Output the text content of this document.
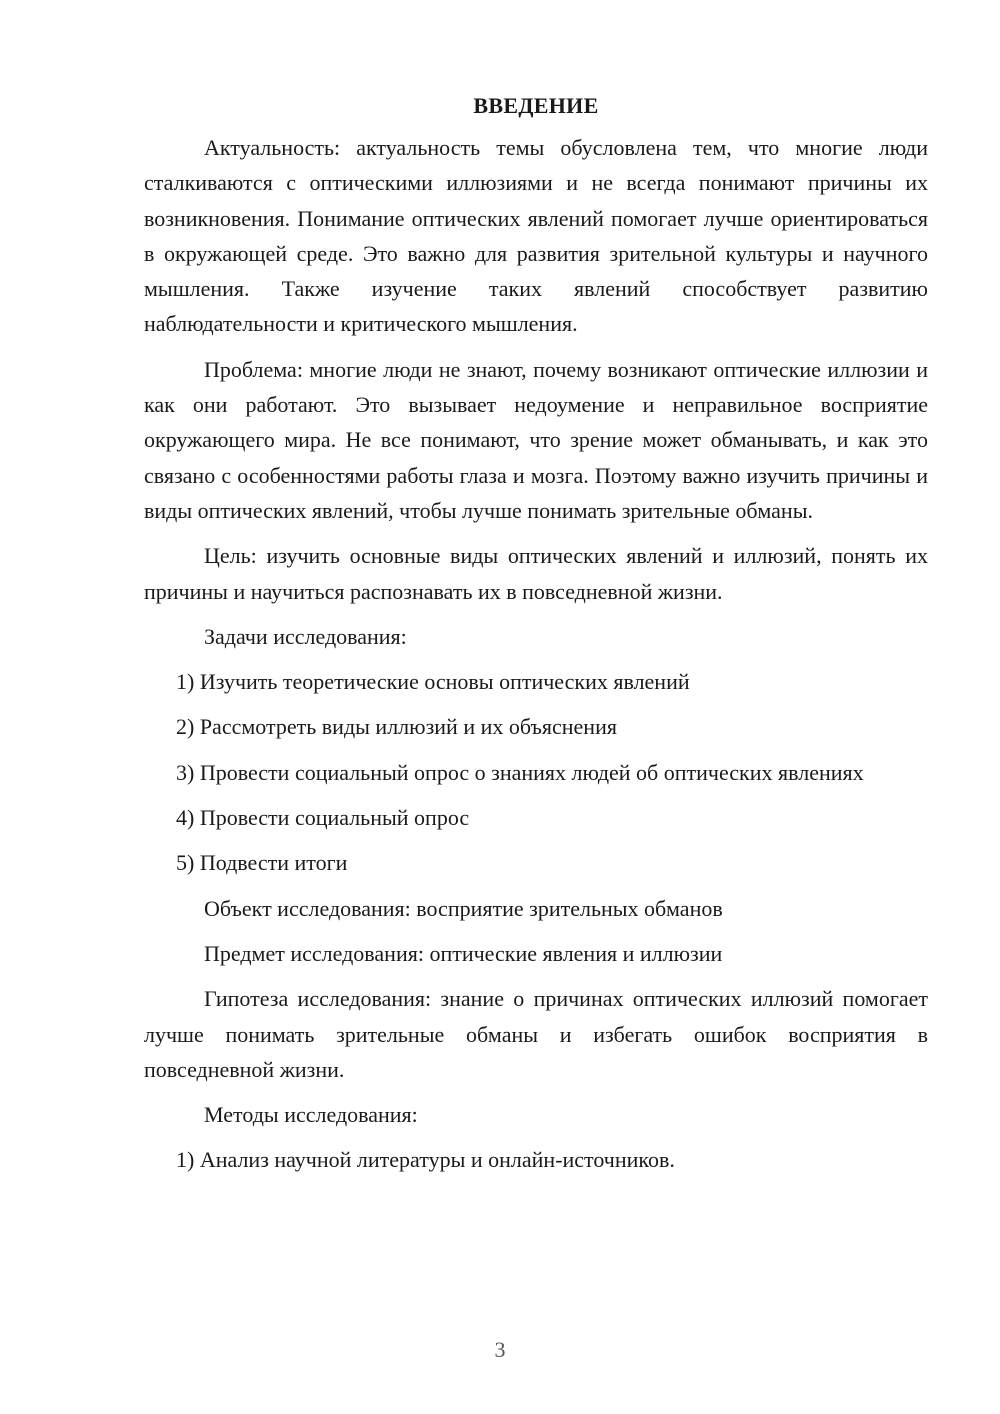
ВВЕДЕНИЕ
Актуальность: актуальность темы обусловлена тем, что многие люди сталкиваются с оптическими иллюзиями и не всегда понимают причины их возникновения. Понимание оптических явлений помогает лучше ориентироваться в окружающей среде. Это важно для развития зрительной культуры и научного мышления. Также изучение таких явлений способствует развитию наблюдательности и критического мышления.
Проблема: многие люди не знают, почему возникают оптические иллюзии и как они работают. Это вызывает недоумение и неправильное восприятие окружающего мира. Не все понимают, что зрение может обманывать, и как это связано с особенностями работы глаза и мозга. Поэтому важно изучить причины и виды оптических явлений, чтобы лучше понимать зрительные обманы.
Цель: изучить основные виды оптических явлений и иллюзий, понять их причины и научиться распознавать их в повседневной жизни.
Задачи исследования:
1) Изучить теоретические основы оптических явлений
2) Рассмотреть виды иллюзий и их объяснения
3) Провести социальный опрос о знаниях людей об оптических явлениях
4) Провести социальный опрос
5) Подвести итоги
Объект исследования: восприятие зрительных обманов
Предмет исследования: оптические явления и иллюзии
Гипотеза исследования: знание о причинах оптических иллюзий помогает лучше понимать зрительные обманы и избегать ошибок восприятия в повседневной жизни.
Методы исследования:
1) Анализ научной литературы и онлайн-источников.
3
